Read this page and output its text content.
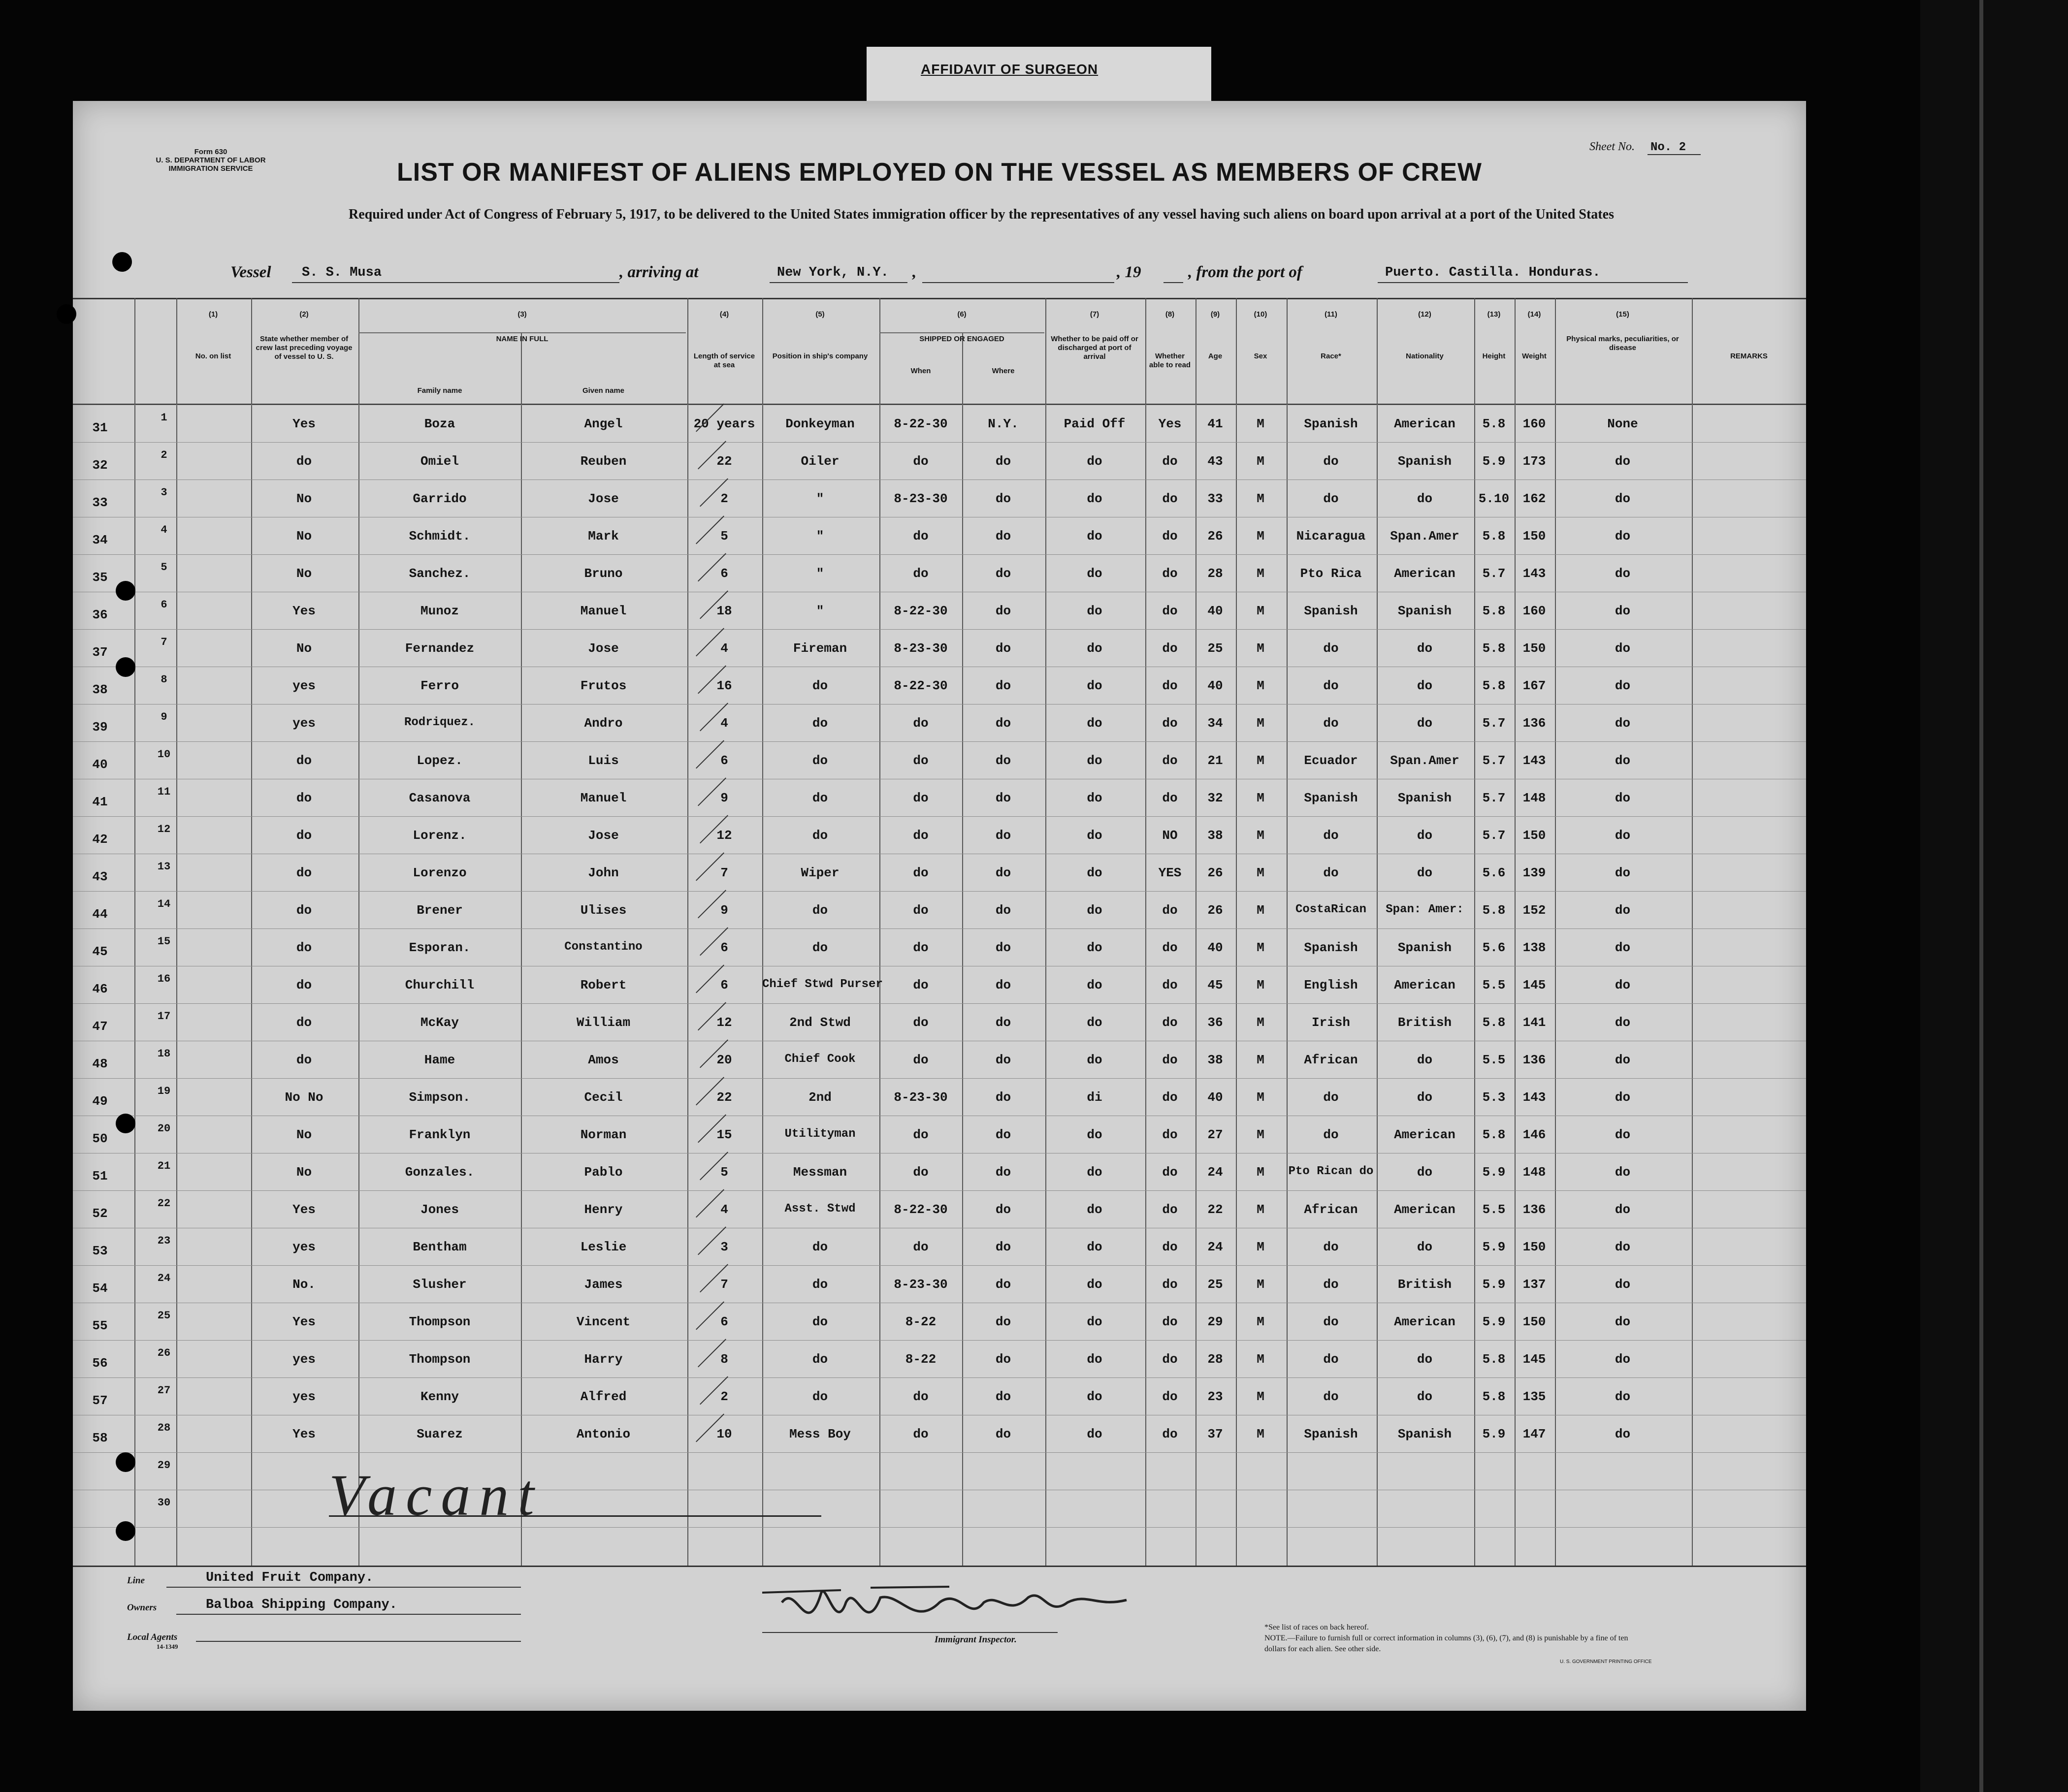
AFFIDAVIT OF SURGEON
Form 630
U. S. DEPARTMENT OF LABOR
IMMIGRATION SERVICE
Sheet No. No. 2
LIST OR MANIFEST OF ALIENS EMPLOYED ON THE VESSEL AS MEMBERS OF CREW
Required under Act of Congress of February 5, 1917, to be delivered to the United States immigration officer by the representatives of any vessel having such aliens on board upon arrival at a port of the United States
Vessel S. S. Musa	, arriving at	New York, N.Y. ,	, 19	, from the port of	Puerto. Castilla. Honduras.
(1)
No. on list
(2)
State whether member of crew last preceding voyage of vessel to U. S.
(3)
NAME IN FULL
(4)
Length of service at sea
(5)
Position in ship's company
(6)
SHIPPED OR ENGAGED
(7)
Whether to be paid off or discharged at port of arrival
(8)
Whether able to read
(9)
Age
(10)
Sex
(11)
Race*
(12)
Nationality
(13)
Height
(14)
Weight
(15)
Physical marks, peculiarities, or disease
REMARKS
Family name	Given name
When	Where
31
1	Yes	Boza	Angel	20 years	Donkeyman	8-22-30	N.Y.	Paid Off	Yes	41	M	Spanish	American	5.8	160	None
32
2	do	Omiel	Reuben	22	Oiler	do	do	do	do	43	M	do	Spanish	5.9	173	do
33
3	No	Garrido	Jose	2	"	8-23-30	do	do	do	33	M	do	do	5.10	162	do
34
4	No	Schmidt.	Mark	5	"	do	do	do	do	26	M	Nicaragua	Span.Amer	5.8	150	do
35
5	No	Sanchez.	Bruno	6	"	do	do	do	do	28	M	Pto Rica	American	5.7	143	do
36
6	Yes	Munoz	Manuel	18	"	8-22-30	do	do	do	40	M	Spanish	Spanish	5.8	160	do
37
7	No	Fernandez	Jose	4	Fireman	8-23-30	do	do	do	25	M	do	do	5.8	150	do
38
8	yes	Ferro	Frutos	16	do	8-22-30	do	do	do	40	M	do	do	5.8	167	do
39
9	yes	Rodriquez.	Andro	4	do	do	do	do	do	34	M	do	do	5.7	136	do
40
10	do	Lopez.	Luis	6	do	do	do	do	do	21	M	Ecuador	Span.Amer	5.7	143	do
41
11	do	Casanova	Manuel	9	do	do	do	do	do	32	M	Spanish	Spanish	5.7	148	do
42
12	do	Lorenz.	Jose	12	do	do	do	do	NO	38	M	do	do	5.7	150	do
43
13	do	Lorenzo	John	7	Wiper	do	do	do	YES	26	M	do	do	5.6	139	do
44
14	do	Brener	Ulises	9	do	do	do	do	do	26	M	CostaRican	Span: Amer:	5.8	152	do
45
15	do	Esporan.	Constantino	6	do	do	do	do	do	40	M	Spanish	Spanish	5.6	138	do
46
16	do	Churchill	Robert	6	Chief Stwd Purser	do	do	do	do	45	M	English	American	5.5	145	do
47
17	do	McKay	William	12	2nd Stwd	do	do	do	do	36	M	Irish	British	5.8	141	do
48
18	do	Hame	Amos	20	Chief Cook	do	do	do	do	38	M	African	do	5.5	136	do
49
19	No No	Simpson.	Cecil	22	2nd	8-23-30	do	di	do	40	M	do	do	5.3	143	do
50
20	No	Franklyn	Norman	15	Utilityman	do	do	do	do	27	M	do	American	5.8	146	do
51
21	No	Gonzales.	Pablo	5	Messman	do	do	do	do	24	M	Pto Rican do	do	5.9	148	do
52
22	Yes	Jones	Henry	4	Asst. Stwd	8-22-30	do	do	do	22	M	African	American	5.5	136	do
53
23	yes	Bentham	Leslie	3	do	do	do	do	do	24	M	do	do	5.9	150	do
54
24	No.	Slusher	James	7	do	8-23-30	do	do	do	25	M	do	British	5.9	137	do
55
25	Yes	Thompson	Vincent	6	do	8-22	do	do	do	29	M	do	American	5.9	150	do
56
26	yes	Thompson	Harry	8	do	8-22	do	do	do	28	M	do	do	5.8	145	do
57
27	yes	Kenny	Alfred	2	do	do	do	do	do	23	M	do	do	5.8	135	do
58
28	Yes	Suarez	Antonio	10	Mess Boy	do	do	do	do	37	M	Spanish	Spanish	5.9	147	do
29
30	Vacant
Line	United Fruit Company.
Owners	Balboa Shipping Company.
Local Agents
14-1349
Immigrant Inspector.
*See list of races on back hereof.
NOTE.—Failure to furnish full or correct information in columns (3), (6), (7), and (8) is punishable by a fine of ten dollars for each alien. See other side.
U. S. GOVERNMENT PRINTING OFFICE
